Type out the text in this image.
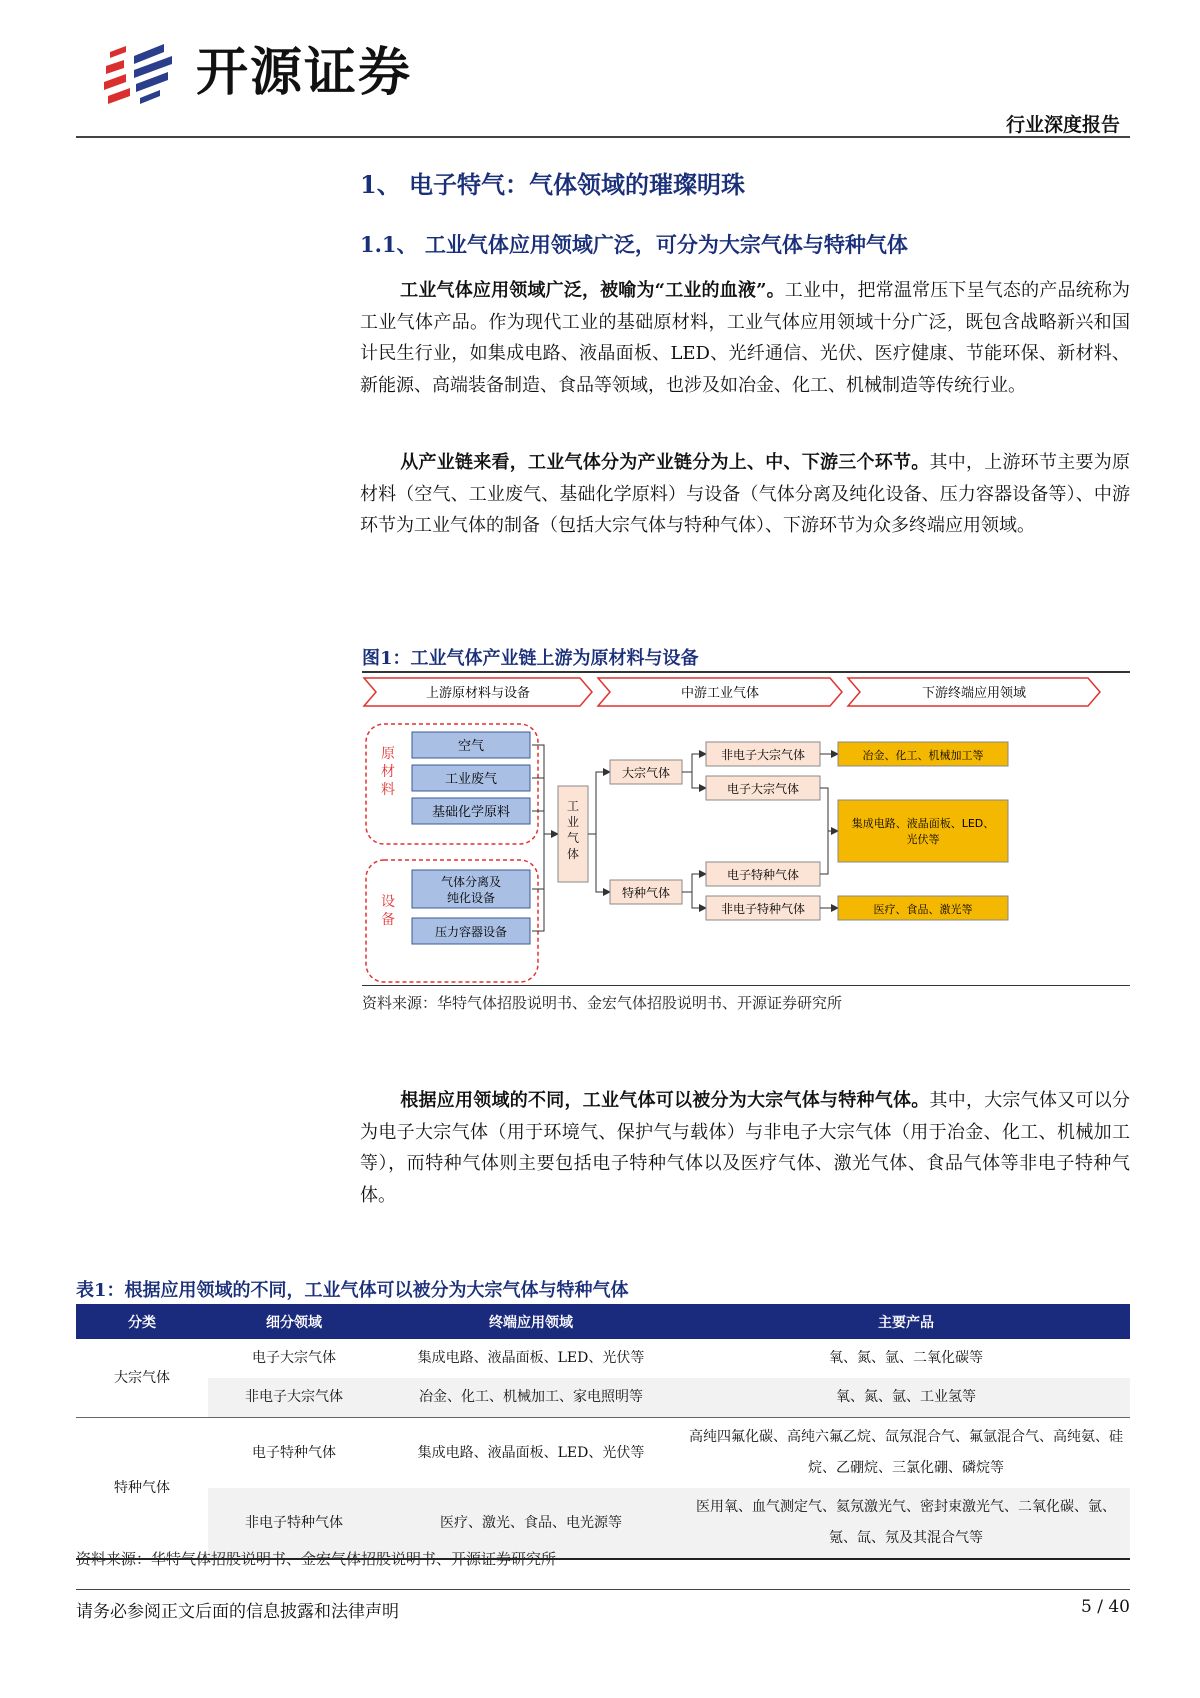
开源证券
行业深度报告
1、 电子特气：气体领域的璀璨明珠
1.1、 工业气体应用领域广泛，可分为大宗气体与特种气体
工业气体应用领域广泛，被喻为“工业的血液”。工业中，把常温常压下呈气态的产品统称为工业气体产品。作为现代工业的基础原材料，工业气体应用领域十分广泛，既包含战略新兴和国计民生行业，如集成电路、液晶面板、LED、光纤通信、光伏、医疗健康、节能环保、新材料、新能源、高端装备制造、食品等领域，也涉及如冶金、化工、机械制造等传统行业。
从产业链来看，工业气体分为产业链分为上、中、下游三个环节。其中，上游环节主要为原材料（空气、工业废气、基础化学原料）与设备（气体分离及纯化设备、压力容器设备等）、中游环节为工业气体的制备（包括大宗气体与特种气体）、下游环节为众多终端应用领域。
图1：工业气体产业链上游为原材料与设备
上游原材料与设备	中游工业气体	下游终端应用领域
原材料
空气
工业废气
基础化学原料
设备
气体分离及纯化设备
压力容器设备
工业气体
大宗气体
特种气体
非电子大宗气体
电子大宗气体
电子特种气体
非电子特种气体
冶金、化工、机械加工等
集成电路、液晶面板、LED、光伏等
医疗、食品、激光等
资料来源：华特气体招股说明书、金宏气体招股说明书、开源证券研究所
根据应用领域的不同，工业气体可以被分为大宗气体与特种气体。其中，大宗气体又可以分为电子大宗气体（用于环境气、保护气与载体）与非电子大宗气体（用于冶金、化工、机械加工等），而特种气体则主要包括电子特种气体以及医疗气体、激光气体、食品气体等非电子特种气体。
表1：根据应用领域的不同，工业气体可以被分为大宗气体与特种气体
分类	细分领域	终端应用领域	主要产品
大宗气体	电子大宗气体	集成电路、液晶面板、LED、光伏等	氧、氮、氩、二氧化碳等
	非电子大宗气体	冶金、化工、机械加工、家电照明等	氧、氮、氩、工业氢等
特种气体	电子特种气体	集成电路、液晶面板、LED、光伏等	高纯四氟化碳、高纯六氟乙烷、氙氖混合气、氟氩混合气、高纯氨、硅烷、乙硼烷、三氯化硼、磷烷等
	非电子特种气体	医疗、激光、食品、电光源等	医用氧、血气测定气、氦氖激光气、密封束激光气、二氧化碳、氩、氪、氙、氖及其混合气等
资料来源：华特气体招股说明书、金宏气体招股说明书、开源证券研究所
请务必参阅正文后面的信息披露和法律声明	5 / 40
